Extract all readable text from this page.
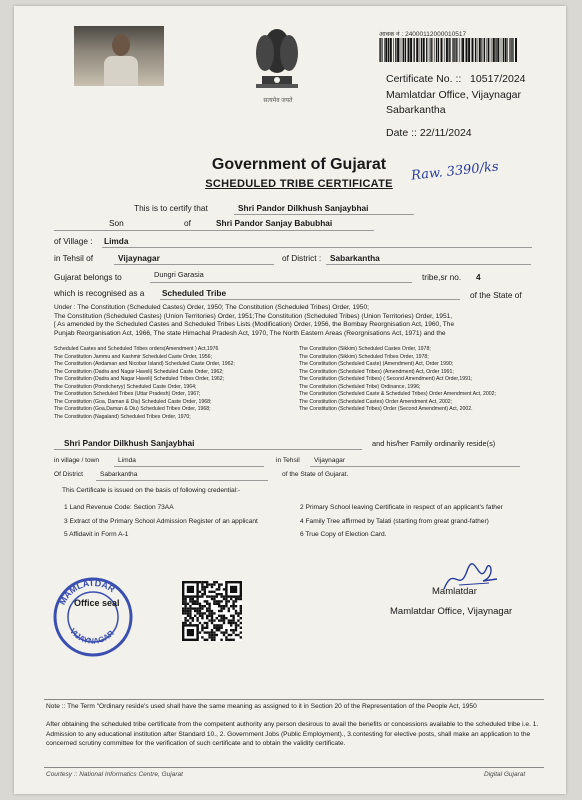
सत्यमेव जयते
आवक नं : 24000112000010517
Certificate No. :: 10517/2024
Mamlatdar Office, Vijaynagar
Sabarkantha
Date :: 22/11/2024
Government of Gujarat
SCHEDULED TRIBE CERTIFICATE
Raw. 3390/ks
This is to certify that	Shri Pandor Dilkhush Sanjaybhai
Son	of	Shri Pandor Sanjay Babubhai
of Village : Limda
in Tehsil of	Vijaynagar	of District : Sabarkantha
Gujarat belongs to	Dungri Garasia	tribe,sr no. 4
which is recognised as a Scheduled Tribe	of the State of
Under : The Constitution (Scheduled Castes) Order, 1950; The Constitution (Scheduled Tribes) Order, 1950;
The Constitution (Scheduled Castes) (Union Territories) Order, 1951;The Constitution (Scheduled Tribes) (Union Territories) Order, 1951,
[ As amended by the Scheduled Castes and Scheduled Tribes Lists (Modification) Order, 1956, the Bombay Reorgnisation Act, 1960, The
Punjab Reorganisation Act, 1966, The state Himachal Pradesh Act, 1970, The North Eastern Areas (Reorgnisations Act, 1971) and the
Scheduled Castes and Scheduled Tribes orders(Amendment ) Act,1976
The Constitution Jammu and Kashmir Scheduled Caste Order, 1956;
The Constitution (Andaman and Nicobar Island) Scheduled Caste Order, 1962;
The Constitution (Dadra and Nagar Haveli) Scheduled Caste Order, 1962;
The Constitution (Dadra and Nagar Haveli) Scheduled Tribes Order, 1962;
The Constitution (Pondicheryy) Scheduled Caste Order, 1964;
The Constitution Scheduled Tribes (Uttar Pradesh) Order, 1967;
The Constitution (Goa, Daman & Diu) Scheduled Caste Order, 1968;
The Constitution (Goa,Daman & Diu) Scheduled Tribes Order, 1968;
The Constitution (Nagaland) Scheduled Tribes Order, 1970;
The Constitution (Sikkim) Scheduled Castes Order, 1978;
The Constitution (Sikkim) Scheduled Tribes Order, 1978;
The Constitution (Scheduled Caste) (Amendment) Act, Order 1990;
The Constitution (Scheduled Tribes) (Amendment) Act, Order 1991;
The Constitution (Scheduled Tribes) ( Second Amendment) Act Order,1991;
The Constitution (Scheduled Tribe) Ordinance, 1996;
The Constitution (Scheduled Caste & Scheduled Tribes) Order Amendment Act, 2002;
The Constitution (Scheduled Castes) Order Amendment Act, 2002;
The Constitution (Scheduled Tribes) Order (Second Amendment) Act, 2002.
Shri Pandor Dilkhush Sanjaybhai	and his/her Family ordinarily reside(s)
in village / town	Limda	in Tehsil Vijaynagar
Of District	Sabarkantha	of the State of Gujarat.
This Certificate is issued on the basis of following credential:-
1 Land Revenue Code: Section 73AA
3 Extract of the Primary School Admission Register of an applicant
5 Affidavit in Form A-1
2 Primary School leaving Certificate in respect of an applicant's father
4 Family Tree affirmed by Talati (starting from great grand-father)
6 True Copy of Election Card.
MAMLATDAR
VIJAYNAGAR
Office seal
Mamlatdar
Mamlatdar Office, Vijaynagar
Note :: The Term "Ordinary reside's used shall have the same meaning as assigned to it in Section 20 of the Representation of the People Act, 1950
After obtaining the scheduled tribe certificate from the competent authority any person desirous to avail the benefits or concessions available to the scheduled tribe i.e. 1. Admission to any educational institution after Standard 10., 2. Government Jobs (Public Employment)., 3.contesting for elective posts, shall make an application to the concerned scrutiny committee for the verification of such certificate and to obtain the validity certificate.
Courtesy :: National Informatics Centre, Gujarat	Digital Gujarat
